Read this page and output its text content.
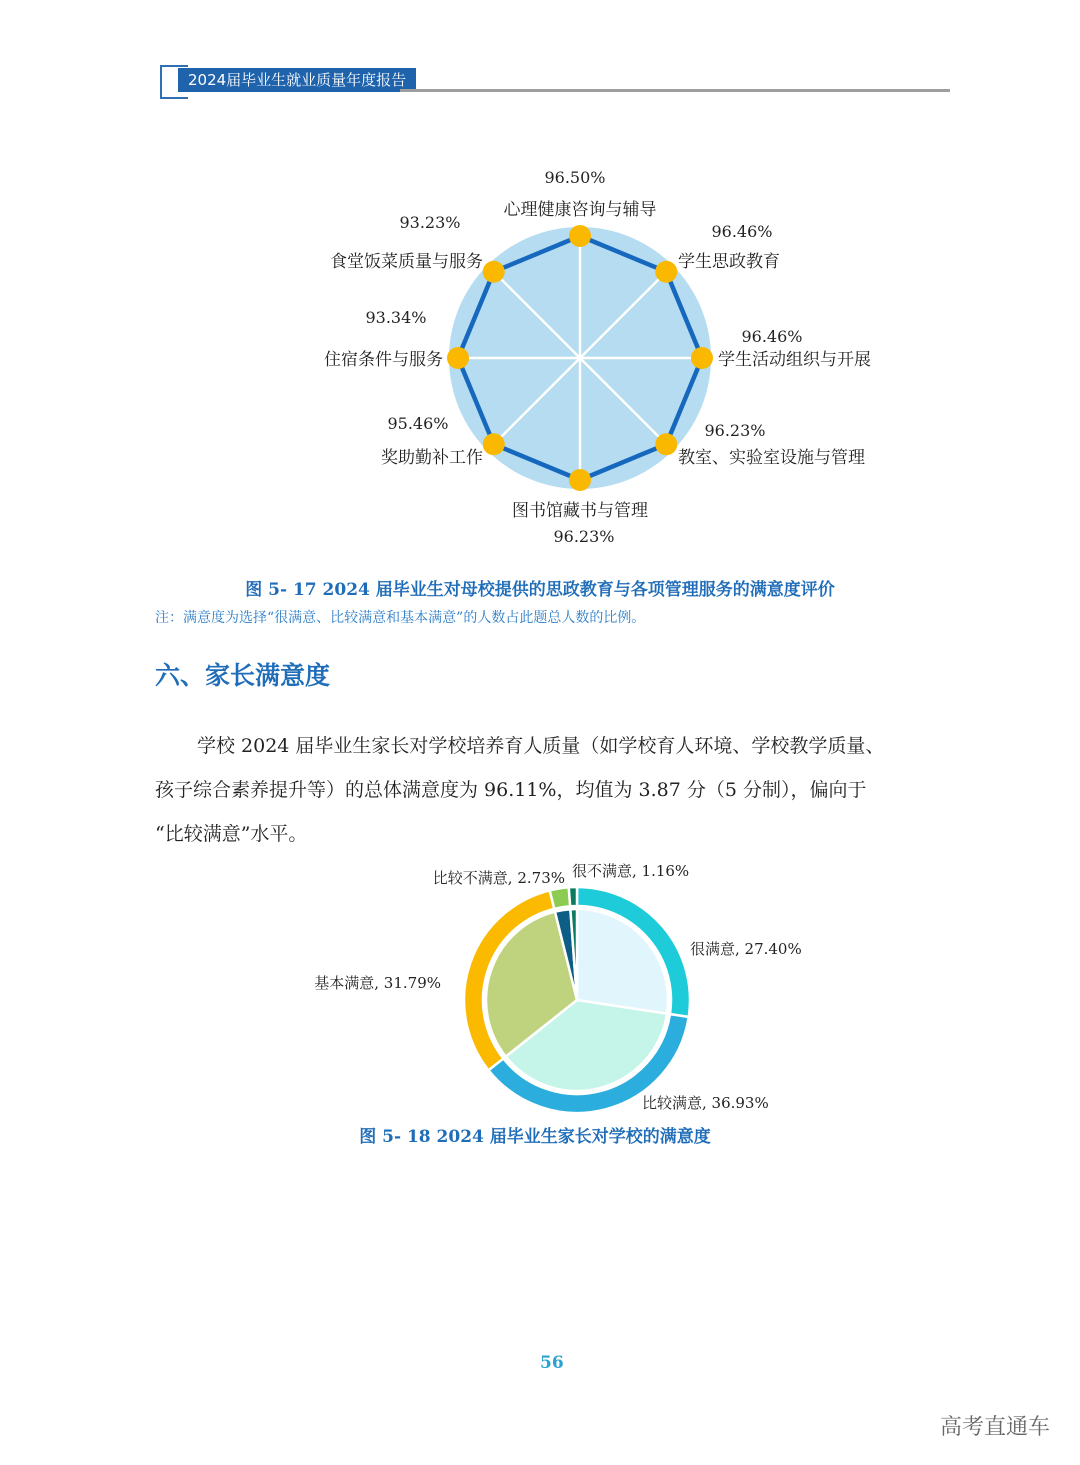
2024届毕业生就业质量年度报告
心理健康咨询与辅导
96.50%
学生思政教育
96.46%
学生活动组织与开展
96.46%
教室、实验室设施与管理
96.23%
图书馆藏书与管理
96.23%
奖助勤补工作
95.46%
住宿条件与服务
93.34%
食堂饭菜质量与服务
93.23%
很满意, 27.40%
比较满意, 36.93%
基本满意, 31.79%
比较不满意, 2.73% 很不满意, 1.16%
图 5- 17 2024 届毕业生对母校提供的思政教育与各项管理服务的满意度评价
注：满意度为选择“很满意、比较满意和基本满意”的人数占此题总人数的比例。
六、家长满意度

学校 2024 届毕业生家长对学校培养育人质量（如学校育人环境、学校教学质量、

孩子综合素养提升等）的总体满意度为 96.11%，均值为 3.87 分（5 分制），偏向于

“比较满意”水平。

图 5- 18 2024 届毕业生家长对学校的满意度
56
高考直通车
